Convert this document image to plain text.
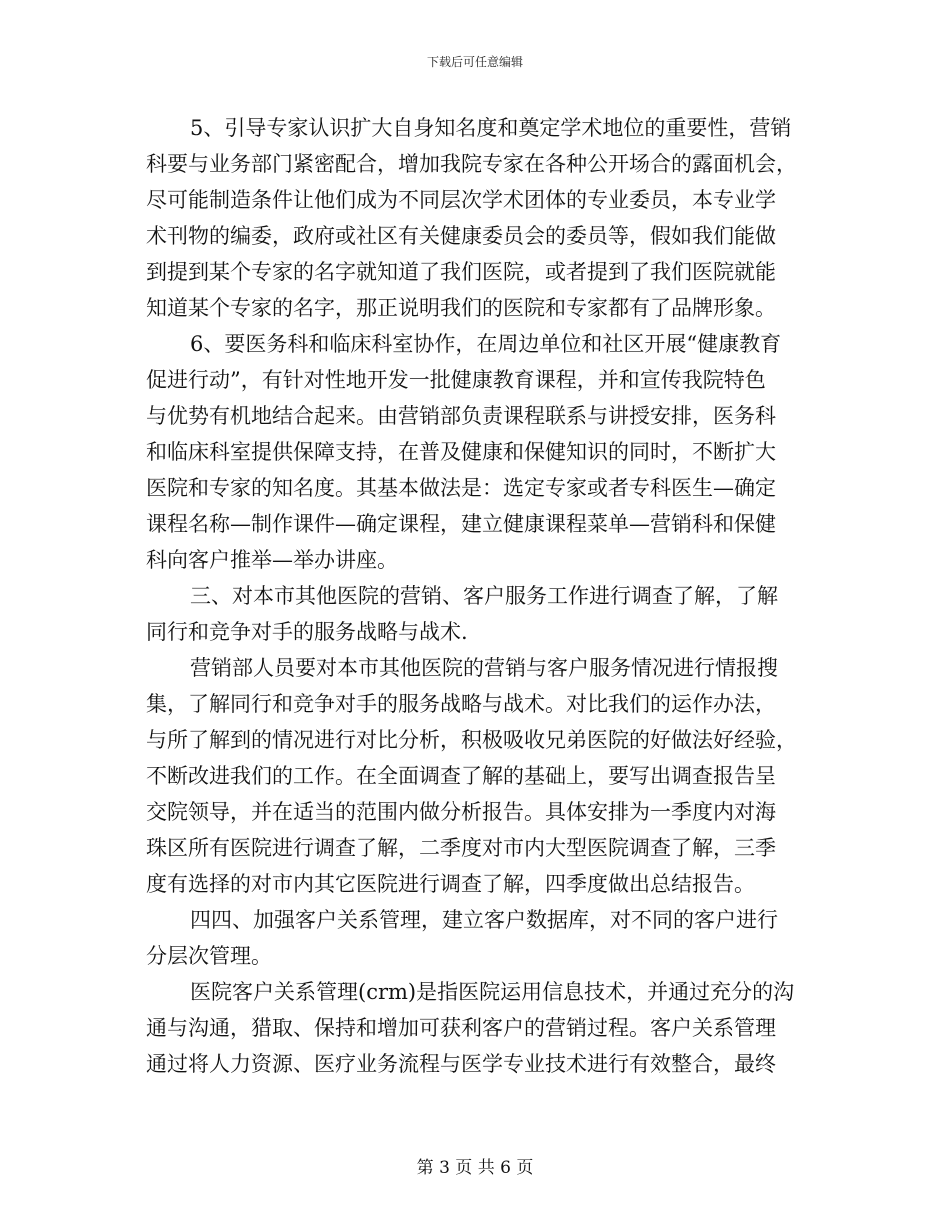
下载后可任意编辑

5、引导专家认识扩大自身知名度和奠定学术地位的重要性，营销
科要与业务部门紧密配合，增加我院专家在各种公开场合的露面机会，
尽可能制造条件让他们成为不同层次学术团体的专业委员，本专业学
术刊物的编委，政府或社区有关健康委员会的委员等，假如我们能做
到提到某个专家的名字就知道了我们医院，或者提到了我们医院就能
知道某个专家的名字，那正说明我们的医院和专家都有了品牌形象。

6、要医务科和临床科室协作，在周边单位和社区开展“健康教育
促进行动”，有针对性地开发一批健康教育课程，并和宣传我院特色
与优势有机地结合起来。由营销部负责课程联系与讲授安排，医务科
和临床科室提供保障支持，在普及健康和保健知识的同时，不断扩大
医院和专家的知名度。其基本做法是：选定专家或者专科医生—确定
课程名称—制作课件—确定课程，建立健康课程菜单—营销科和保健
科向客户推举—举办讲座。

三、对本市其他医院的营销、客户服务工作进行调查了解，了解
同行和竞争对手的服务战略与战术.

营销部人员要对本市其他医院的营销与客户服务情况进行情报搜
集，了解同行和竞争对手的服务战略与战术。对比我们的运作办法，
与所了解到的情况进行对比分析，积极吸收兄弟医院的好做法好经验，
不断改进我们的工作。在全面调查了解的基础上，要写出调查报告呈
交院领导，并在适当的范围内做分析报告。具体安排为一季度内对海
珠区所有医院进行调查了解，二季度对市内大型医院调查了解，三季
度有选择的对市内其它医院进行调查了解，四季度做出总结报告。

四四、加强客户关系管理，建立客户数据库，对不同的客户进行
分层次管理。

医院客户关系管理(crm)是指医院运用信息技术，并通过充分的沟
通与沟通，猎取、保持和增加可获利客户的营销过程。客户关系管理
通过将人力资源、医疗业务流程与医学专业技术进行有效整合，最终

第 3 页 共 6 页
